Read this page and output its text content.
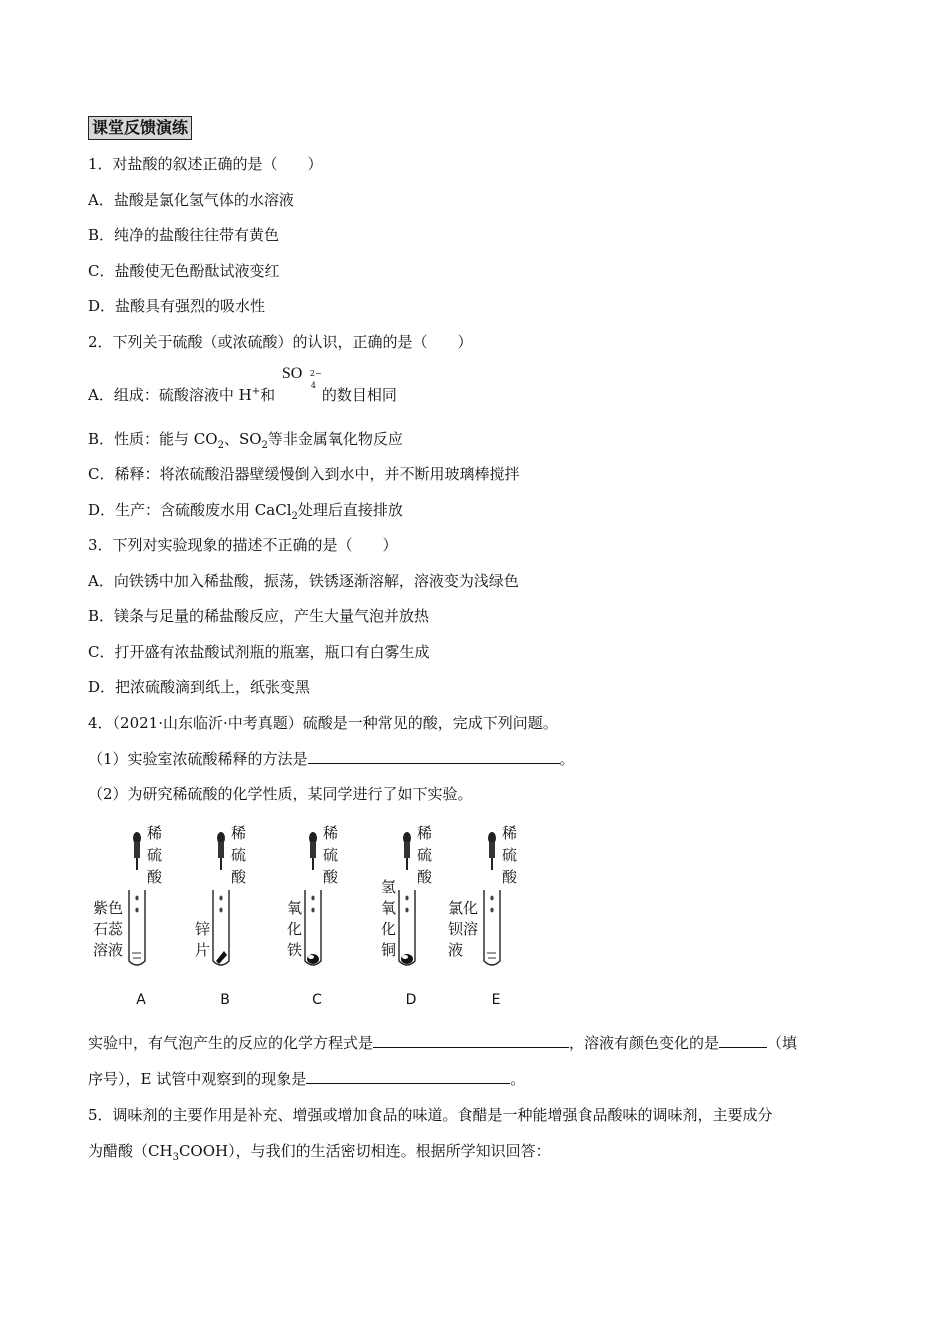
课堂反馈演练
1．对盐酸的叙述正确的是（　　）
A．盐酸是氯化氢气体的水溶液
B．纯净的盐酸往往带有黄色
C．盐酸使无色酚酞试液变红
D．盐酸具有强烈的吸水性
2．下列关于硫酸（或浓硫酸）的认识，正确的是（　　）
A．组成：硫酸溶液中 H+和
SO 2−
4
的数目相同
B．性质：能与 $CO_2$、$SO_2$等非金属氧化物反应
C．稀释：将浓硫酸沿器壁缓慢倒入到水中，并不断用玻璃棒搅拌
D．生产：含硫酸废水用 CaCl$_2$处理后直接排放
3．下列对实验现象的描述不正确的是（　　）
A．向铁锈中加入稀盐酸，振荡，铁锈逐渐溶解，溶液变为浅绿色
B．镁条与足量的稀盐酸反应，产生大量气泡并放热
C．打开盛有浓盐酸试剂瓶的瓶塞，瓶口有白雾生成
D．把浓硫酸滴到纸上，纸张变黑
4．（2021·山东临沂·中考真题）硫酸是一种常见的酸，完成下列问题。
（1）实验室浓硫酸稀释的方法是	。
（2）为研究稀硫酸的化学性质，某同学进行了如下实验。
稀
硫
酸
紫色
石蕊
溶液
A
稀
硫
酸
锌
片
B
稀
硫
酸
氧
化
铁
C
稀
硫
酸
氢
氧
化
铜
D
稀
硫
酸
氯化
钡溶
液
E
实验中，有气泡产生的反应的化学方程式是	，溶液有颜色变化的是	（填
序号），E 试管中观察到的现象是	。
5．调味剂的主要作用是补充、增强或增加食品的味道。食醋是一种能增强食品酸味的调味剂，主要成分
为醋酸$(CH_3COOH)$，与我们的生活密切相连。根据所学知识回答：
